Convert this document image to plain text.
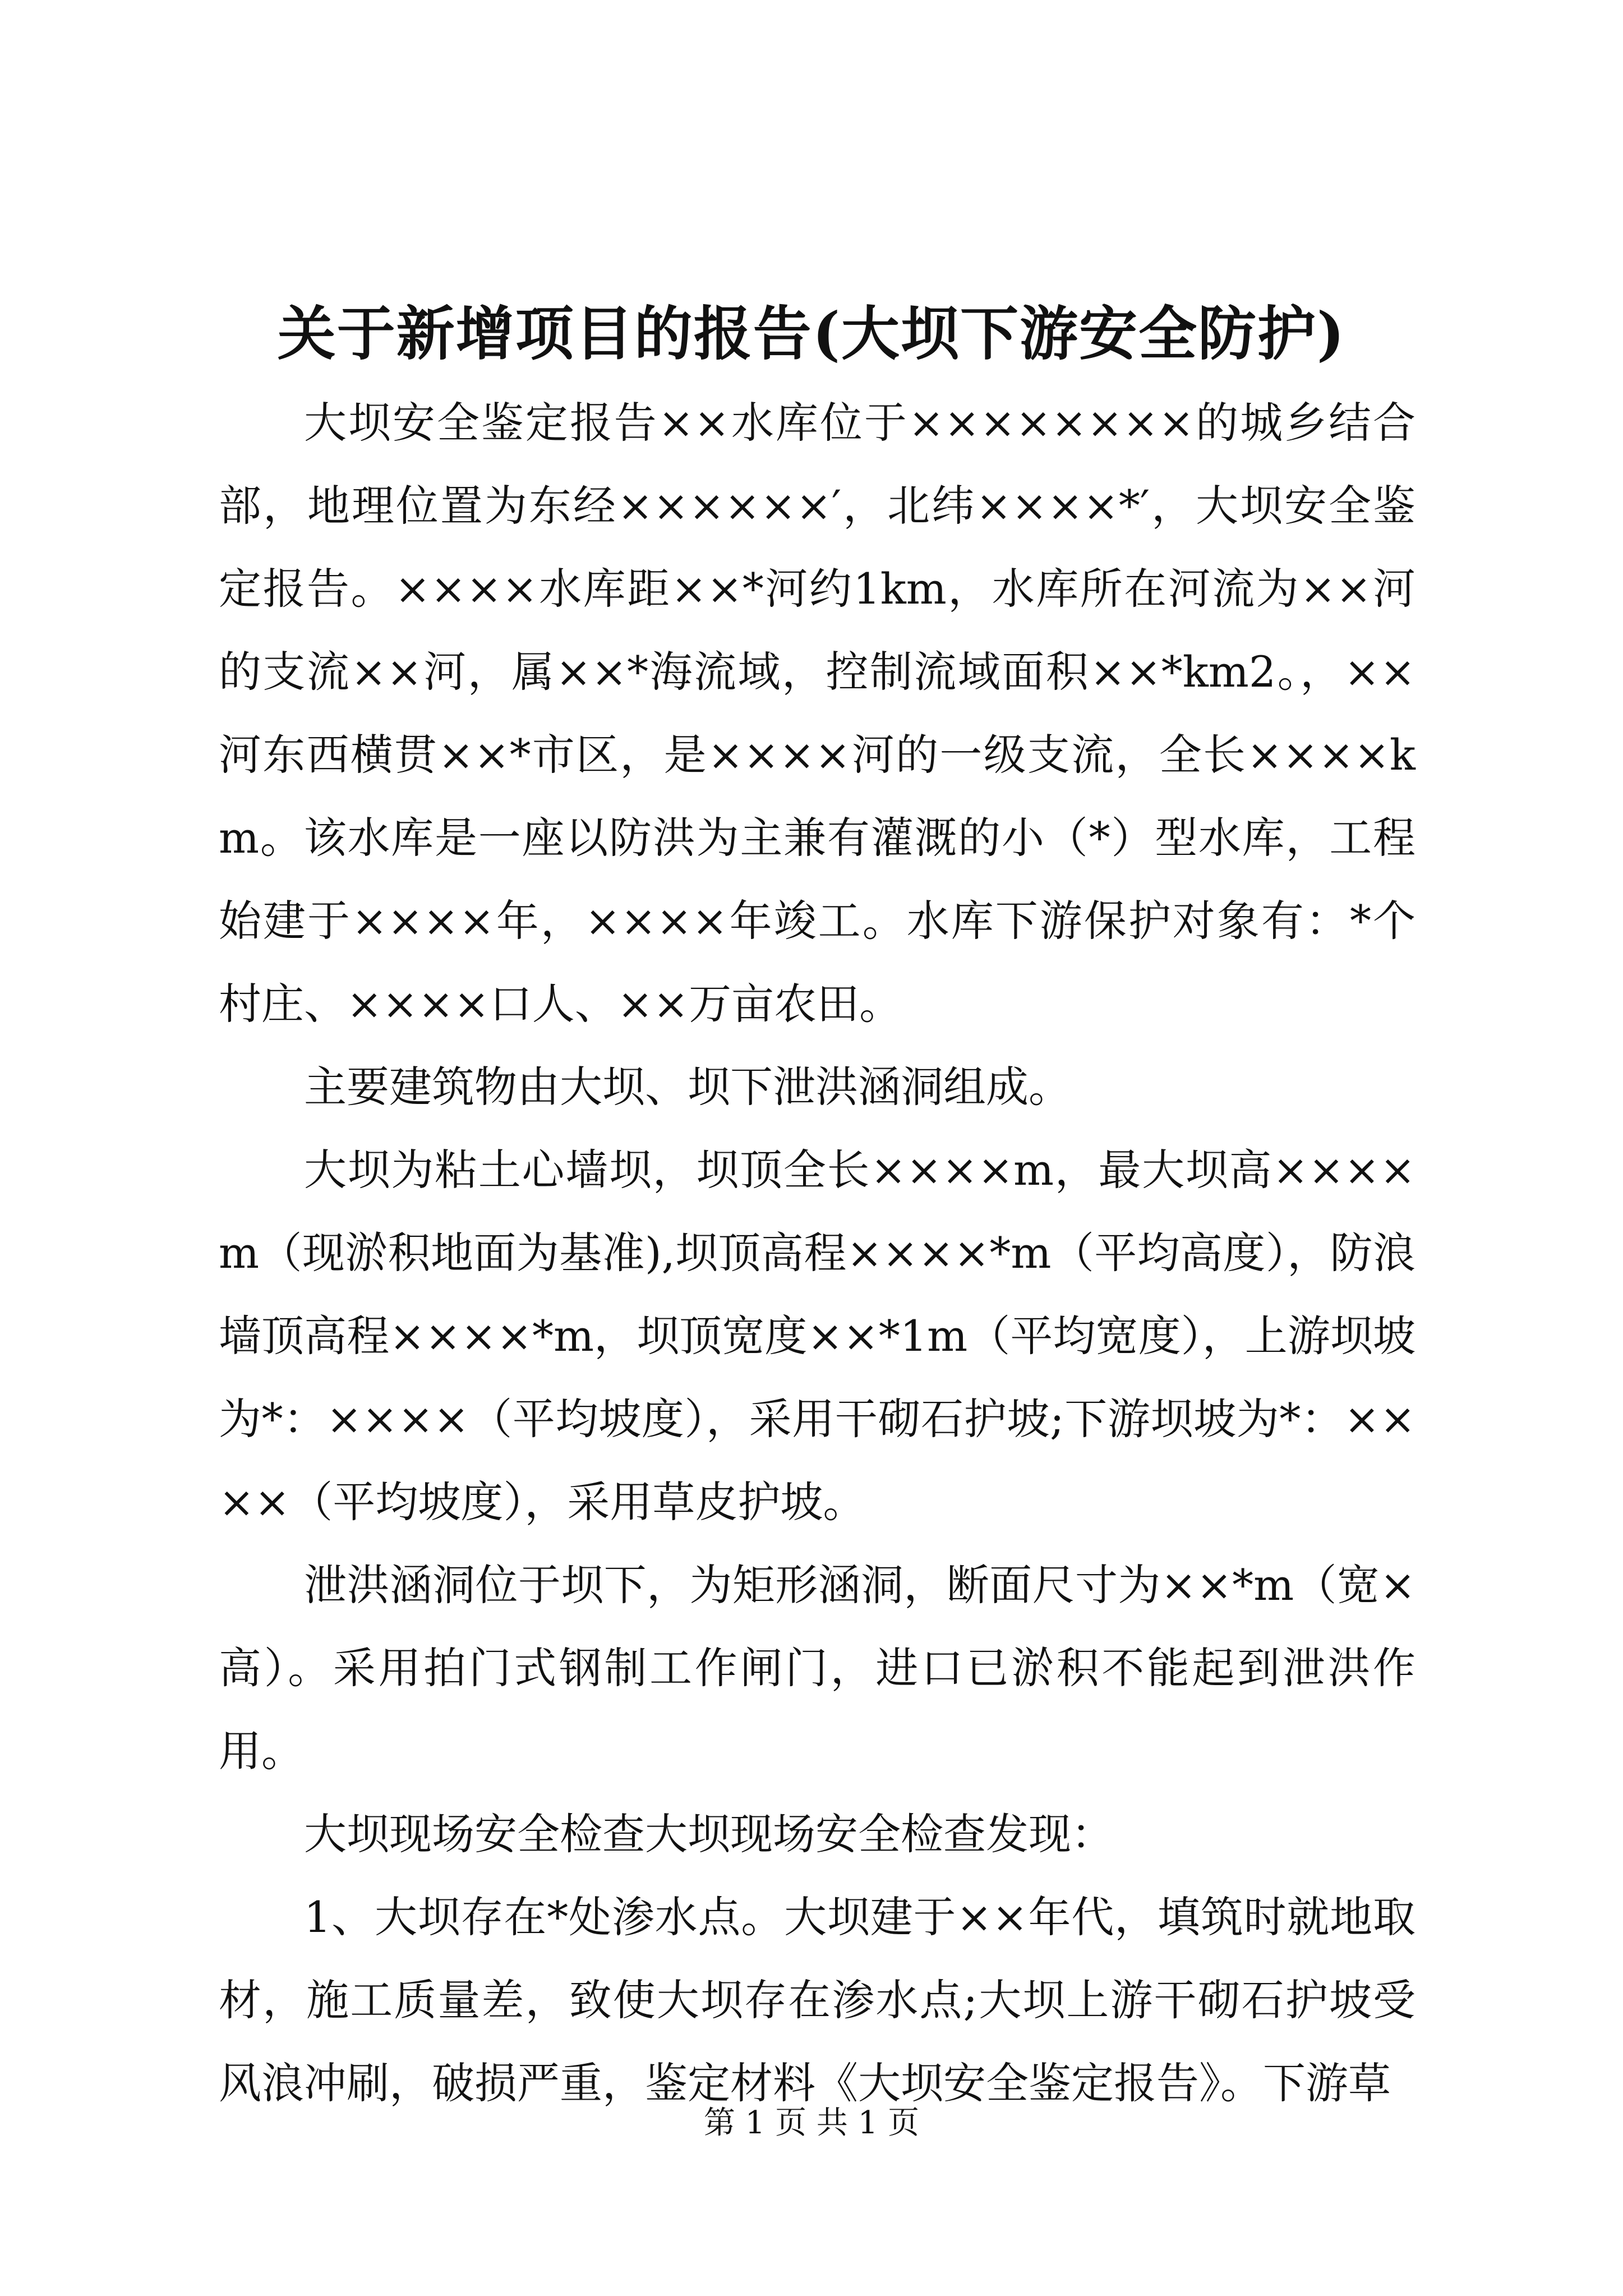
关于新增项目的报告(大坝下游安全防护)

大坝安全鉴定报告××水库位于××××××××的城乡结合部，地理位置为东经××××××′，北纬××××*′，大坝安全鉴定报告。××××水库距××*河约1km，水库所在河流为××河的支流××河，属××*海流域，控制流域面积××*km2。，××河东西横贯××*市区，是××××河的一级支流，全长××××km。该水库是一座以防洪为主兼有灌溉的小（*）型水库，工程始建于××××年，××××年竣工。水库下游保护对象有：*个村庄、××××口人、××万亩农田。

主要建筑物由大坝、坝下泄洪涵洞组成。

大坝为粘土心墙坝，坝顶全长××××m，最大坝高××××m（现淤积地面为基准),坝顶高程××××*m（平均高度），防浪墙顶高程××××*m，坝顶宽度××*1m（平均宽度），上游坝坡为*：××××（平均坡度），采用干砌石护坡;下游坝坡为*：××××（平均坡度），采用草皮护坡。

泄洪涵洞位于坝下，为矩形涵洞，断面尺寸为××*m（宽×高）。采用拍门式钢制工作闸门，进口已淤积不能起到泄洪作用。

大坝现场安全检查大坝现场安全检查发现：

1、大坝存在*处渗水点。大坝建于××年代，填筑时就地取材，施工质量差，致使大坝存在渗水点;大坝上游干砌石护坡受风浪冲刷，破损严重，鉴定材料《大坝安全鉴定报告》。下游草

第 1 页 共 1 页
